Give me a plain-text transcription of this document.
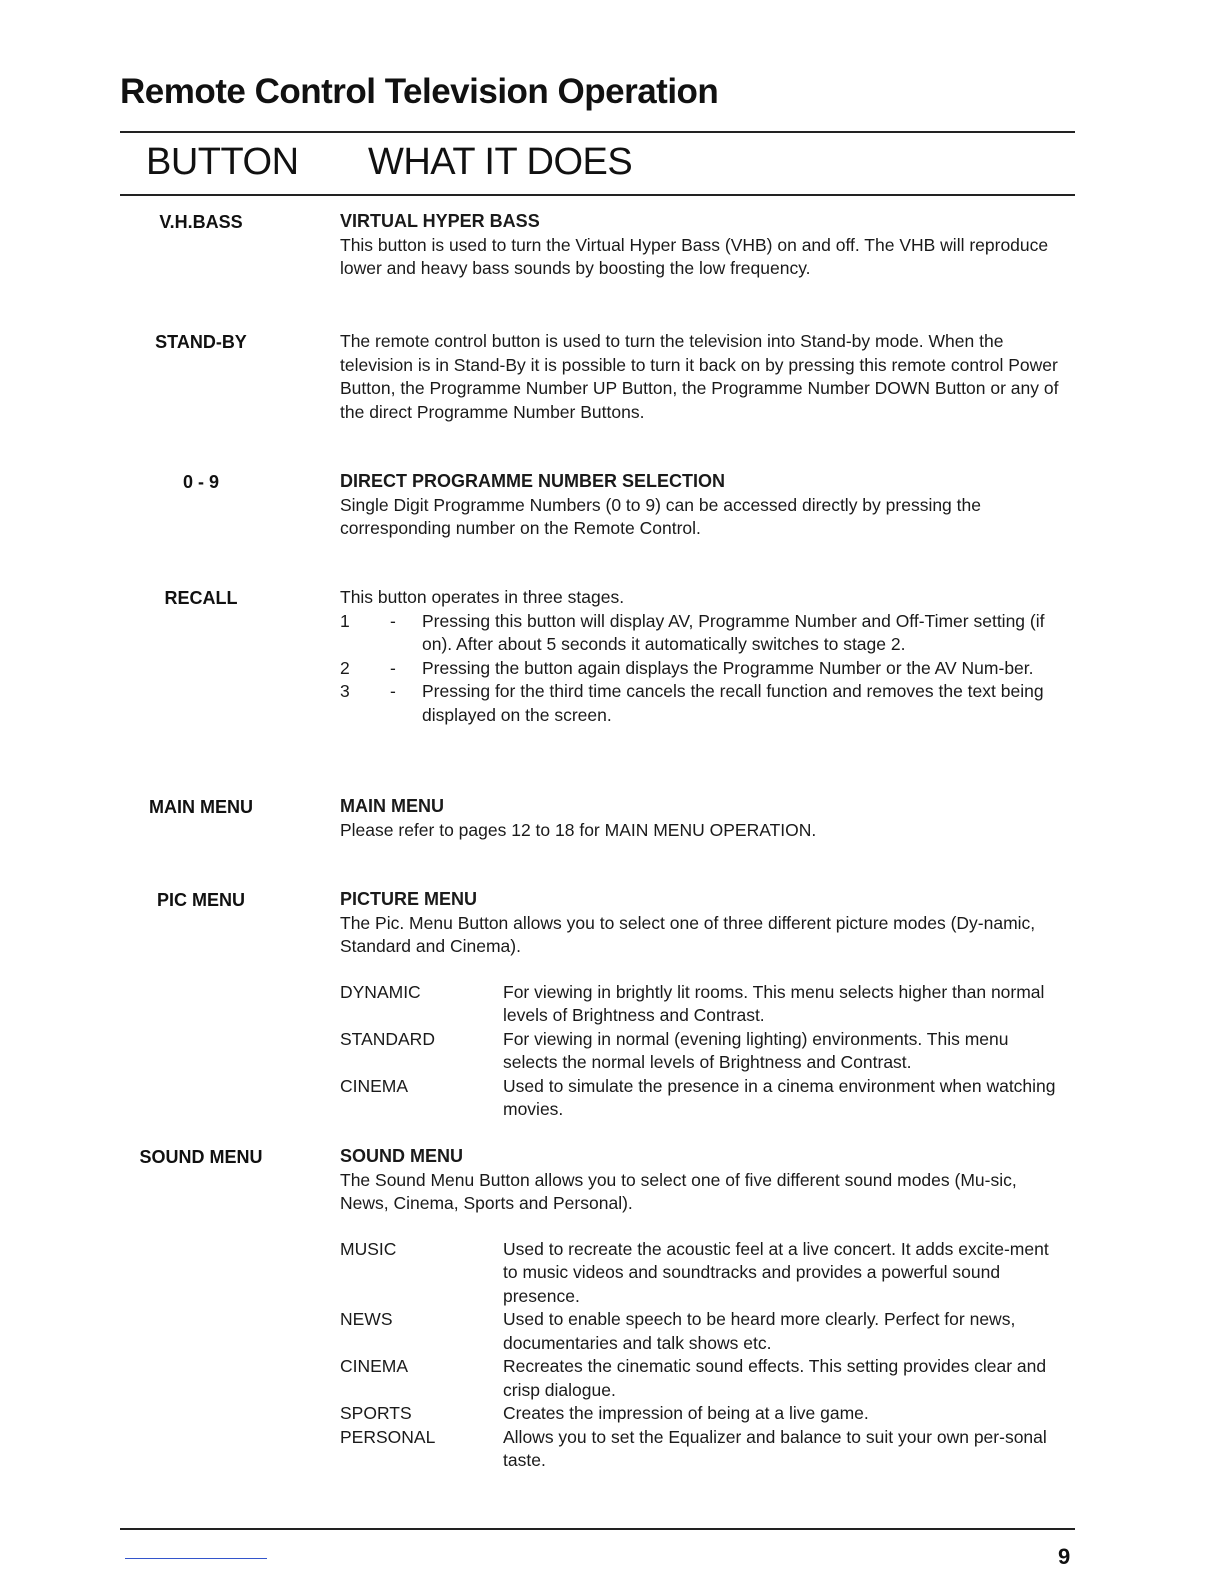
Remote Control Television Operation
BUTTON WHAT IT DOES
V.H.BASS	VIRTUAL HYPER BASS

This button is used to turn the Virtual Hyper Bass (VHB) on and off. The VHB will reproduce lower and heavy bass sounds by boosting the low frequency.

STAND-BY	The remote control button is used to turn the television into Stand-by mode. When the television is in Stand-By it is possible to turn it back on by pressing this remote control Power Button, the Programme Number UP Button, the Programme Number DOWN Button or any of the direct Programme Number Buttons.

0 - 9	DIRECT PROGRAMME NUMBER SELECTION

Single Digit Programme Numbers (0 to 9) can be accessed directly by pressing the corresponding number on the Remote Control.

RECALL	This button operates in three stages.

1 - Pressing this button will display AV, Programme Number and Off-Timer setting (if on). After about 5 seconds it automatically switches to stage 2.
2 - Pressing the button again displays the Programme Number or the AV Num-ber.
3 - Pressing for the third time cancels the recall function and removes the text being displayed on the screen.
MAIN MENU	MAIN MENU

Please refer to pages 12 to 18 for MAIN MENU OPERATION.

PIC MENU	PICTURE MENU

The Pic. Menu Button allows you to select one of three different picture modes (Dy-namic, Standard and Cinema).

DYNAMIC	For viewing in brightly lit rooms. This menu selects higher than normal levels of Brightness and Contrast.
STANDARD	For viewing in normal (evening lighting) environments. This menu selects the normal levels of Brightness and Contrast.
CINEMA	Used to simulate the presence in a cinema environment when watching movies.
SOUND MENU	SOUND MENU

The Sound Menu Button allows you to select one of five different sound modes (Mu-sic, News, Cinema, Sports and Personal).

MUSIC	Used to recreate the acoustic feel at a live concert. It adds excite-ment to music videos and soundtracks and provides a powerful sound presence.
NEWS	Used to enable speech to be heard more clearly. Perfect for news, documentaries and talk shows etc.
CINEMA	Recreates the cinematic sound effects. This setting provides clear and crisp dialogue.
SPORTS	Creates the impression of being at a live game.
PERSONAL	Allows you to set the Equalizer and balance to suit your own per-sonal taste.
9
